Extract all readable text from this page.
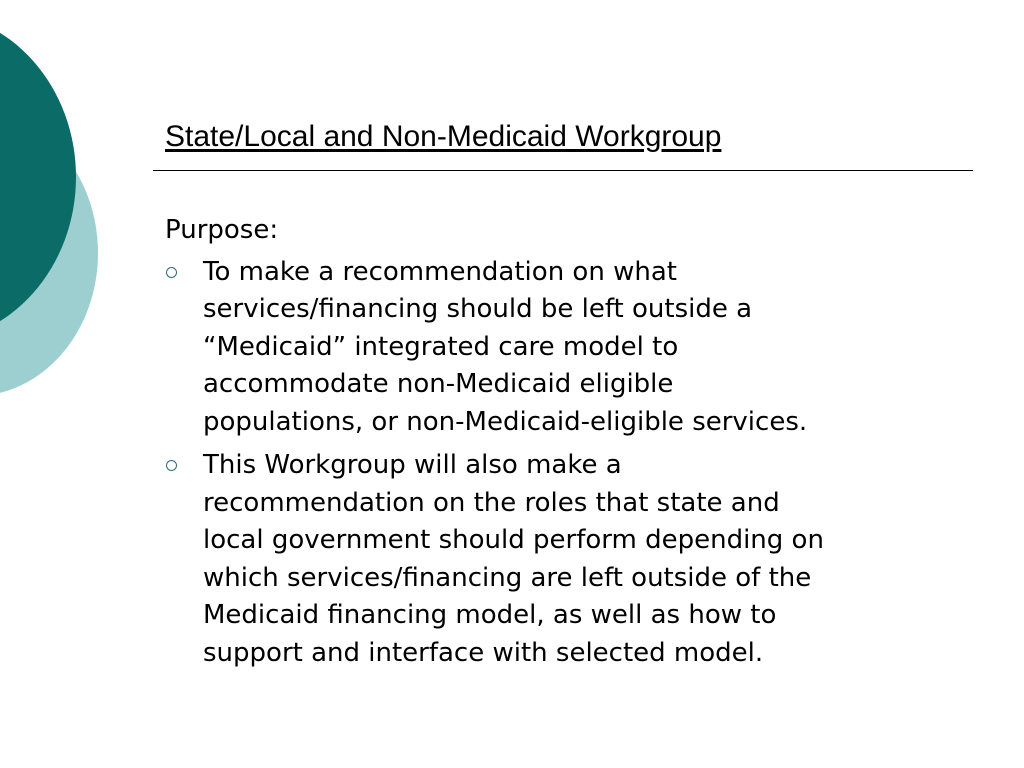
State/Local and Non-Medicaid Workgroup

Purpose:

To make a recommendation on what
services/financing should be left outside a
“Medicaid” integrated care model to
accommodate non-Medicaid eligible
populations, or non-Medicaid-eligible services.
This Workgroup will also make a
recommendation on the roles that state and
local government should perform depending on
which services/financing are left outside of the
Medicaid financing model, as well as how to
support and interface with selected model.
